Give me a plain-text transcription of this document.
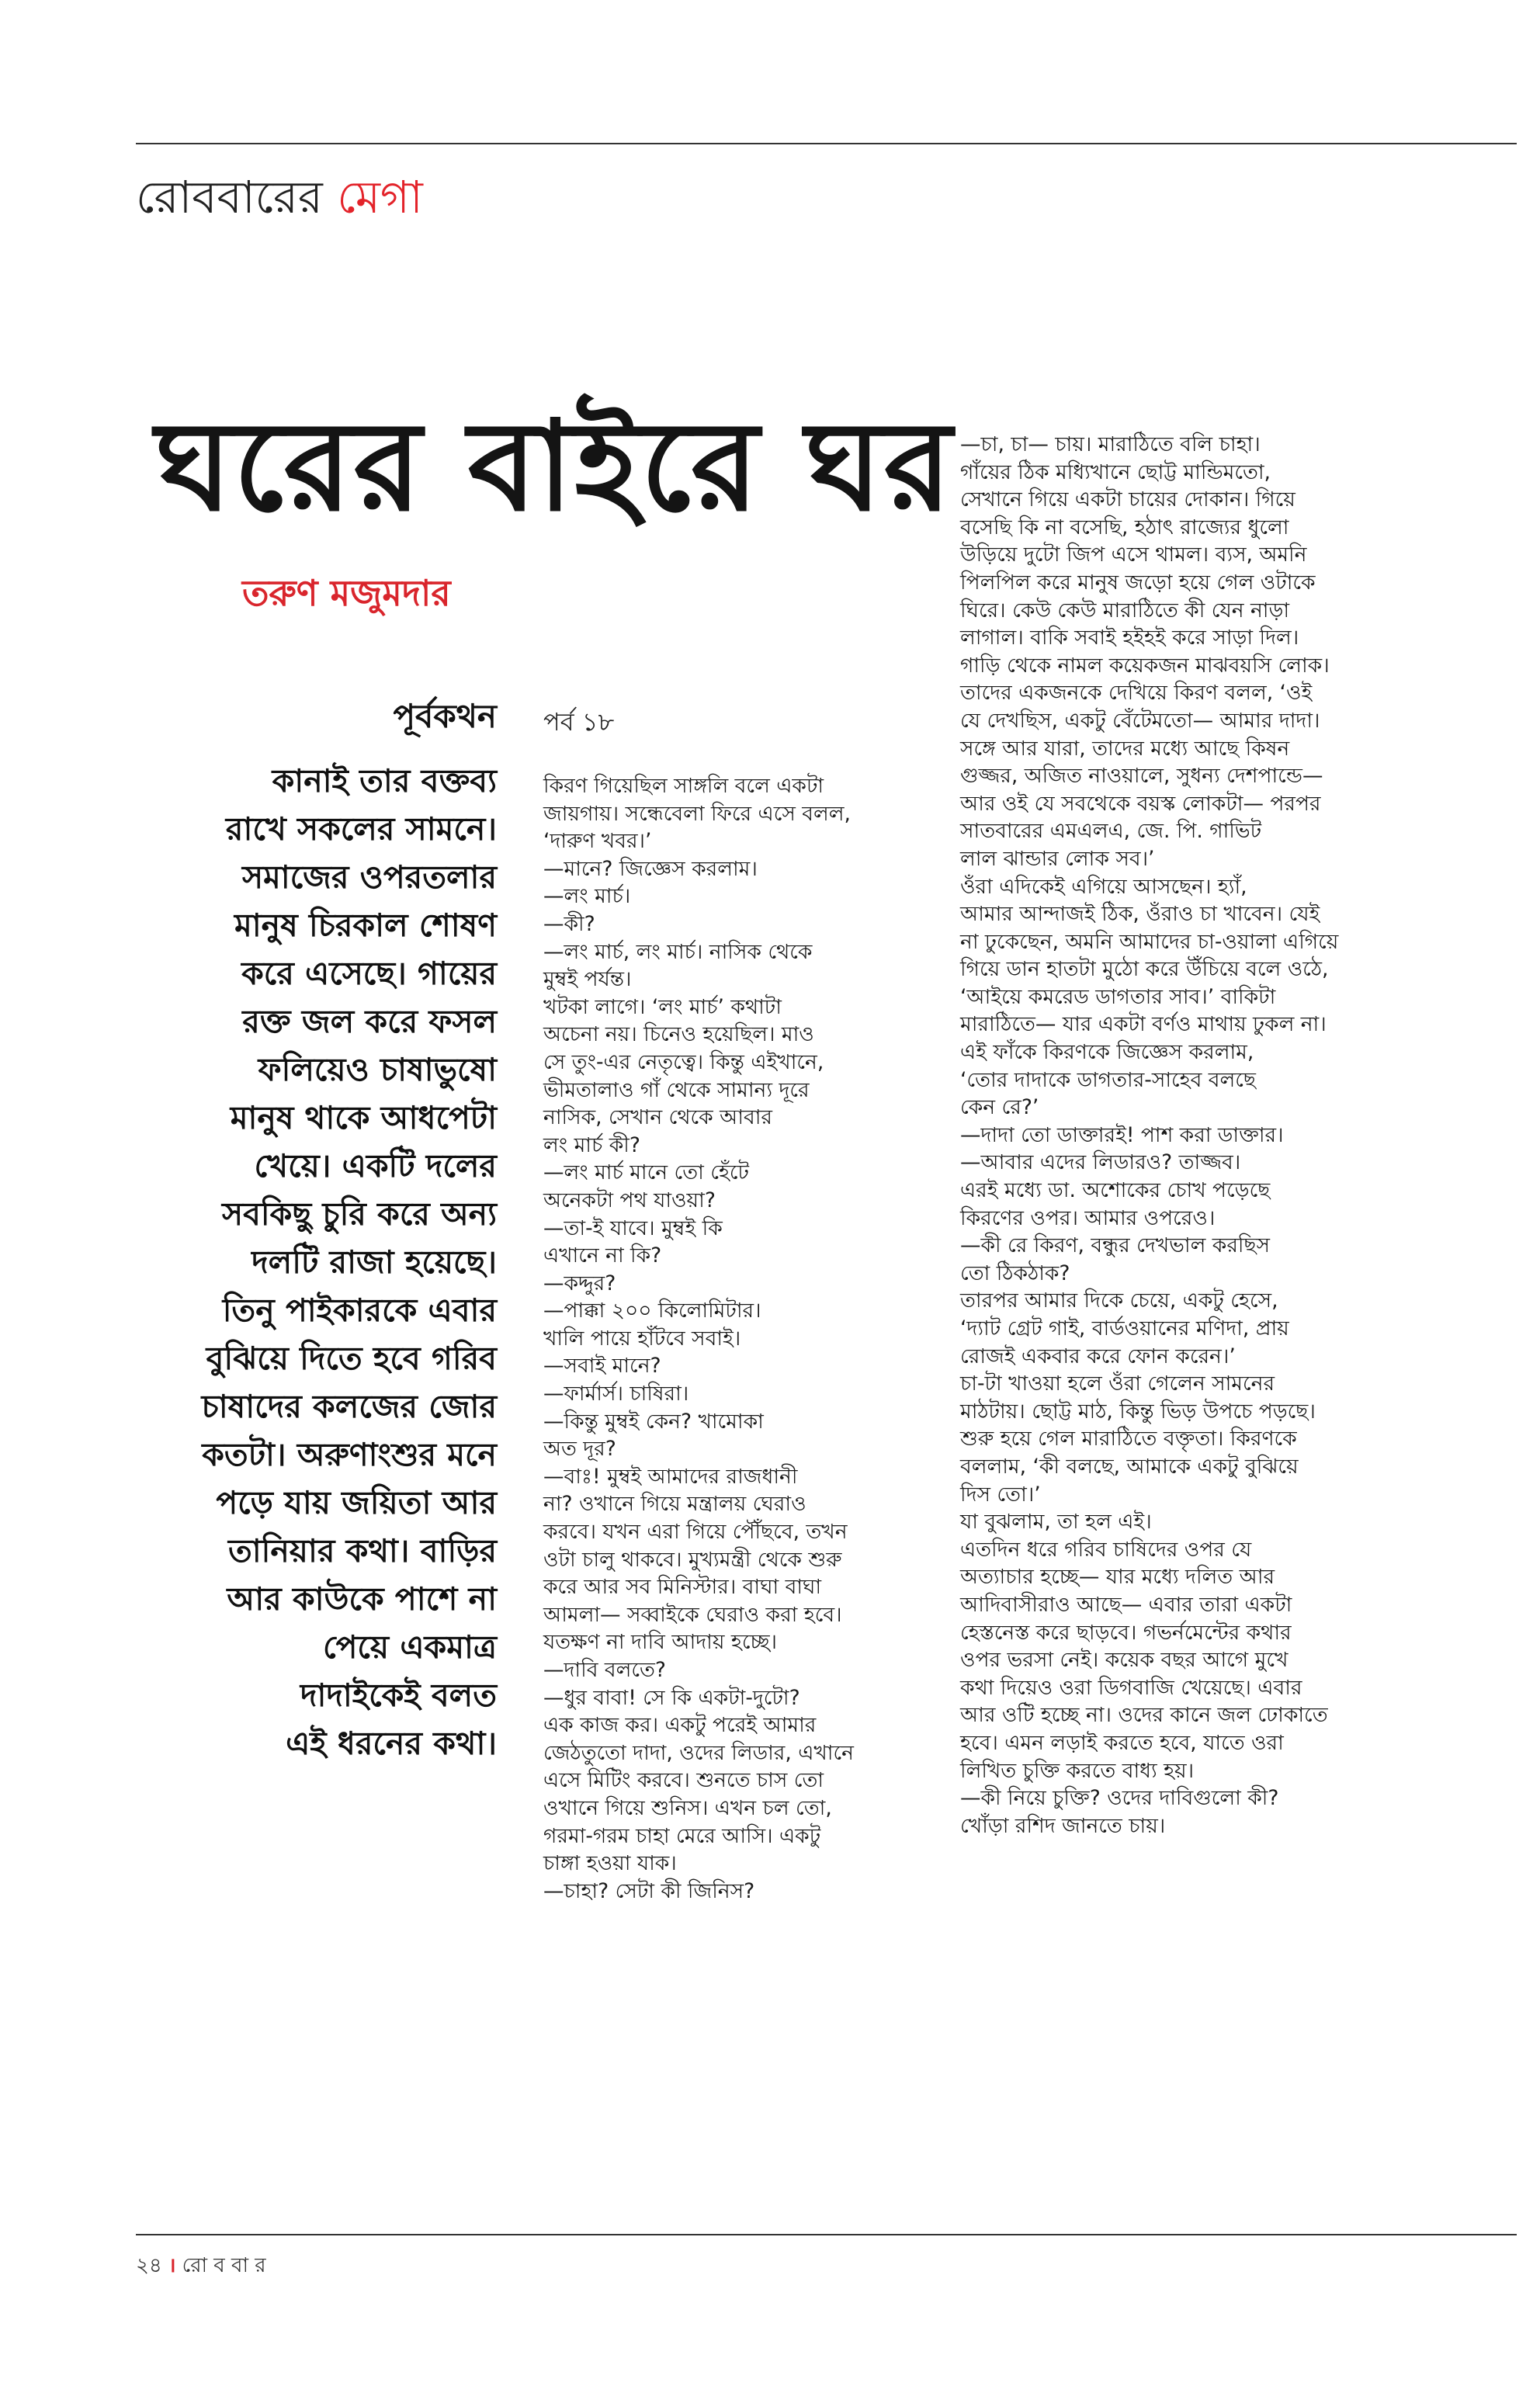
রোববারের মেগা
ঘরের বাইরে ঘর
তরুণ মজুমদার
পূর্বকথন
কানাই তার বক্তব্য
রাখে সকলের সামনে।
সমাজের ওপরতলার
মানুষ চিরকাল শোষণ
করে এসেছে। গায়ের
রক্ত জল করে ফসল
ফলিয়েও চাষাভুষো
মানুষ থাকে আধপেটা
খেয়ে। একটি দলের
সবকিছু চুরি করে অন্য
দলটি রাজা হয়েছে।
তিনু পাইকারকে এবার
বুঝিয়ে দিতে হবে গরিব
চাষাদের কলজের জোর
কতটা। অরুণাংশুর মনে
পড়ে যায় জয়িতা আর
তানিয়ার কথা। বাড়ির
আর কাউকে পাশে না
পেয়ে একমাত্র
দাদাইকেই বলত
এই ধরনের কথা।
পর্ব ১৮
কিরণ গিয়েছিল সাঙ্গলি বলে একটা
জায়গায়। সন্ধেবেলা ফিরে এসে বলল,
‘দারুণ খবর।’
—মানে? জিজ্ঞেস করলাম।
—লং মার্চ।
—কী?
—লং মার্চ, লং মার্চ। নাসিক থেকে
মুম্বই পর্যন্ত।
খটকা লাগে। ‘লং মার্চ’ কথাটা
অচেনা নয়। চিনেও হয়েছিল। মাও
সে তুং-এর নেতৃত্বে। কিন্তু এইখানে,
ভীমতালাও গাঁ থেকে সামান্য দূরে
নাসিক, সেখান থেকে আবার
লং মার্চ কী?
—লং মার্চ মানে তো হেঁটে
অনেকটা পথ যাওয়া?
—তা-ই যাবে। মুম্বই কি
এখানে না কি?
—কদ্দুর?
—পাক্কা ২০০ কিলোমিটার।
খালি পায়ে হাঁটবে সবাই।
—সবাই মানে?
—ফার্মার্স। চাষিরা।
—কিন্তু মুম্বই কেন? খামোকা
অত দূর?
—বাঃ! মুম্বই আমাদের রাজধানী
না? ওখানে গিয়ে মন্ত্রালয় ঘেরাও
করবে। যখন এরা গিয়ে পৌঁছবে, তখন
ওটা চালু থাকবে। মুখ্যমন্ত্রী থেকে শুরু
করে আর সব মিনিস্টার। বাঘা বাঘা
আমলা— সব্বাইকে ঘেরাও করা হবে।
যতক্ষণ না দাবি আদায় হচ্ছে।
—দাবি বলতে?
—ধুর বাবা! সে কি একটা-দুটো?
এক কাজ কর। একটু পরেই আমার
জেঠতুতো দাদা, ওদের লিডার, এখানে
এসে মিটিং করবে। শুনতে চাস তো
ওখানে গিয়ে শুনিস। এখন চল তো,
গরমা-গরম চাহা মেরে আসি। একটু
চাঙ্গা হওয়া যাক।
—চাহা? সেটা কী জিনিস?
—চা, চা— চায়। মারাঠিতে বলি চাহা।
গাঁয়ের ঠিক মধ্যিখানে ছোট্ট মান্ডিমতো,
সেখানে গিয়ে একটা চায়ের দোকান। গিয়ে
বসেছি কি না বসেছি, হঠাৎ রাজ্যের ধুলো
উড়িয়ে দুটো জিপ এসে থামল। ব্যস, অমনি
পিলপিল করে মানুষ জড়ো হয়ে গেল ওটাকে
ঘিরে। কেউ কেউ মারাঠিতে কী যেন নাড়া
লাগাল। বাকি সবাই হইহই করে সাড়া দিল।
গাড়ি থেকে নামল কয়েকজন মাঝবয়সি লোক।
তাদের একজনকে দেখিয়ে কিরণ বলল, ‘ওই
যে দেখছিস, একটু বেঁটেমতো— আমার দাদা।
সঙ্গে আর যারা, তাদের মধ্যে আছে কিষন
গুজ্জর, অজিত নাওয়ালে, সুধন্য দেশপান্ডে—
আর ওই যে সবথেকে বয়স্ক লোকটা— পরপর
সাতবারের এমএলএ, জে. পি. গাভিট
লাল ঝান্ডার লোক সব।’
ওঁরা এদিকেই এগিয়ে আসছেন। হ্যাঁ,
আমার আন্দাজই ঠিক, ওঁরাও চা খাবেন। যেই
না ঢুকেছেন, অমনি আমাদের চা-ওয়ালা এগিয়ে
গিয়ে ডান হাতটা মুঠো করে উঁচিয়ে বলে ওঠে,
‘আইয়ে কমরেড ডাগতার সাব।’ বাকিটা
মারাঠিতে— যার একটা বর্ণও মাথায় ঢুকল না।
এই ফাঁকে কিরণকে জিজ্ঞেস করলাম,
‘তোর দাদাকে ডাগতার-সাহেব বলছে
কেন রে?’
—দাদা তো ডাক্তারই! পাশ করা ডাক্তার।
—আবার এদের লিডারও? তাজ্জব।
এরই মধ্যে ডা. অশোকের চোখ পড়েছে
কিরণের ওপর। আমার ওপরেও।
—কী রে কিরণ, বন্ধুর দেখভাল করছিস
তো ঠিকঠাক?
তারপর আমার দিকে চেয়ে, একটু হেসে,
‘দ্যাট গ্রেট গাই, বার্ডওয়ানের মণিদা, প্রায়
রোজই একবার করে ফোন করেন।’
চা-টা খাওয়া হলে ওঁরা গেলেন সামনের
মাঠটায়। ছোট্ট মাঠ, কিন্তু ভিড় উপচে পড়ছে।
শুরু হয়ে গেল মারাঠিতে বক্তৃতা। কিরণকে
বললাম, ‘কী বলছে, আমাকে একটু বুঝিয়ে
দিস তো।’
যা বুঝলাম, তা হল এই।
এতদিন ধরে গরিব চাষিদের ওপর যে
অত্যাচার হচ্ছে— যার মধ্যে দলিত আর
আদিবাসীরাও আছে— এবার তারা একটা
হেস্তনেস্ত করে ছাড়বে। গভর্নমেন্টের কথার
ওপর ভরসা নেই। কয়েক বছর আগে মুখে
কথা দিয়েও ওরা ডিগবাজি খেয়েছে। এবার
আর ওটি হচ্ছে না। ওদের কানে জল ঢোকাতে
হবে। এমন লড়াই করতে হবে, যাতে ওরা
লিখিত চুক্তি করতে বাধ্য হয়।
—কী নিয়ে চুক্তি? ওদের দাবিগুলো কী?
খোঁড়া রশিদ জানতে চায়।
২৪ । রো ব বা র
